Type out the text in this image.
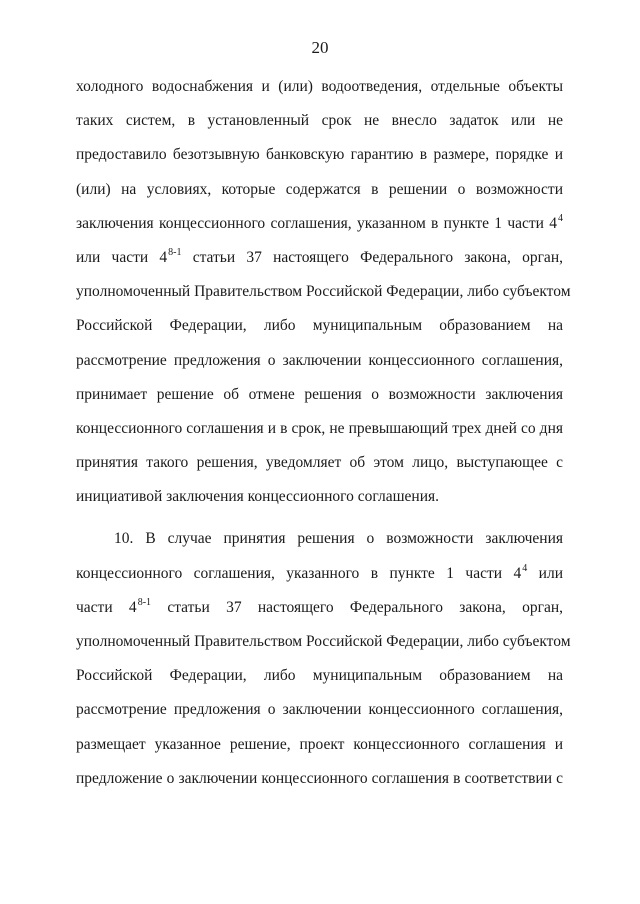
20
холодного водоснабжения и (или) водоотведения, отдельные объекты
таких систем, в установленный срок не внесло задаток или не
предоставило безотзывную банковскую гарантию в размере, порядке и
(или) на условиях, которые содержатся в решении о возможности
заключения концессионного соглашения, указанном в пункте 1 части $4^4$
или части 4$^{8-1}$ статьи 37 настоящего Федерального закона, орган,
уполномоченный Правительством Российской Федерации, либо субъектом
Российской Федерации, либо муниципальным образованием на
рассмотрение предложения о заключении концессионного соглашения,
принимает решение об отмене решения о возможности заключения
концессионного соглашения и в срок, не превышающий трех дней со дня
принятия такого решения, уведомляет об этом лицо, выступающее с
инициативой заключения концессионного соглашения.
10. В случае принятия решения о возможности заключения
концессионного соглашения, указанного в пункте 1 части $4^4$ или
части 4$^{8-1}$ статьи 37 настоящего Федерального закона, орган,
уполномоченный Правительством Российской Федерации, либо субъектом
Российской Федерации, либо муниципальным образованием на
рассмотрение предложения о заключении концессионного соглашения,
размещает указанное решение, проект концессионного соглашения и
предложение о заключении концессионного соглашения в соответствии с
